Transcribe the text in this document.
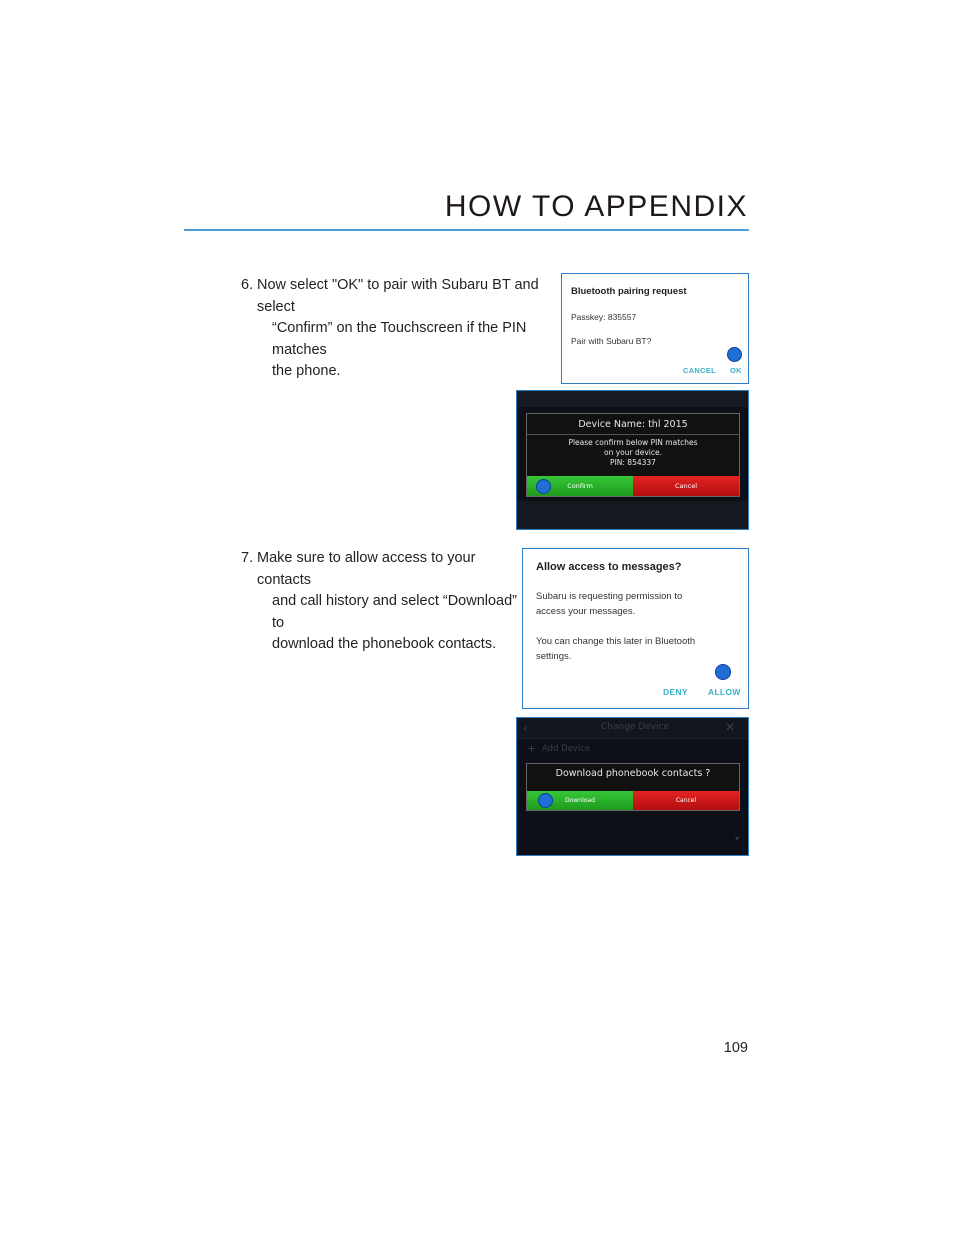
HOW TO APPENDIX
6. Now select "OK" to pair with Subaru BT and select
“Confirm” on the Touchscreen if the PIN matches
the phone.
Bluetooth pairing request
Passkey: 835557
Pair with Subaru BT?
CANCEL OK
Device Name: thl 2015
Please confirm below PIN matches
on your device.
PIN: 854337
Confirm	Cancel
7. Make sure to allow access to your contacts
and call history and select “Download” to
download the phonebook contacts.
Allow access to messages?
Subaru is requesting permission to
access your messages.
You can change this later in Bluetooth
settings.
DENY ALLOW
‹	Change Device	✕
+ Add Device
▾
Download phonebook contacts ?
Download	Cancel
109
